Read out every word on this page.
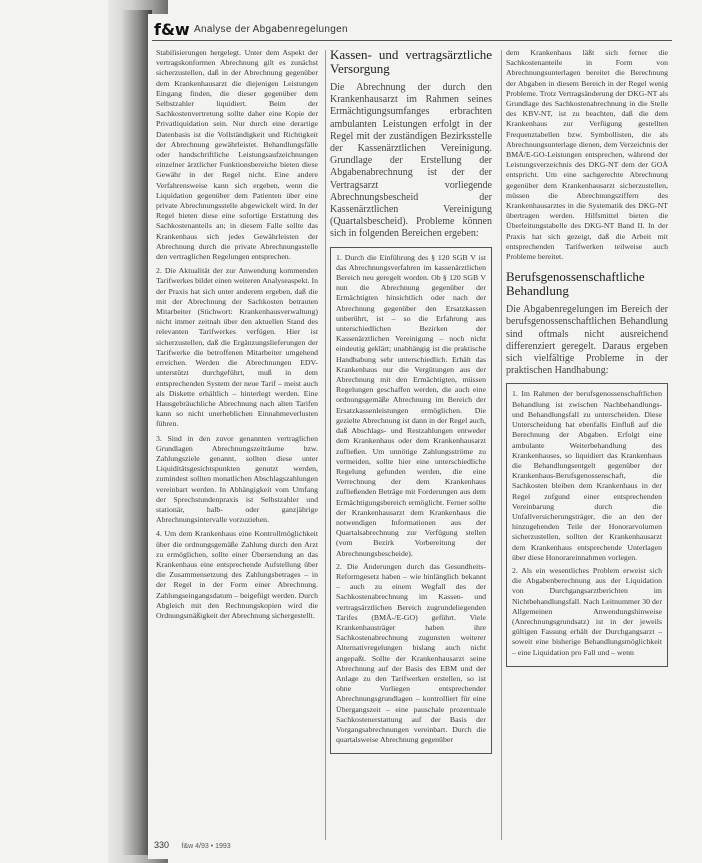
f&w Analyse der Abgabenregelungen

Stabilisierungen hergelegt. Unter dem Aspekt der vertragskonformen Abrechnung gilt es zunächst sicherzustellen, daß in der Abrechnung gegenüber dem Krankenhausarzt die diejenigen Leistungen Eingang finden, die dieser gegenüber dem Selbstzahler liquidiert. Beim der Sachkostenvertretung sollte daher eine Kopie der Privatliquidation sein. Nur durch eine derartige Datenbasis ist die Vollständigkeit und Richtigkeit der Abrechnung gewährleistet. Behandlungsfälle oder handschriftliche Leistungsaufzeichnungen einzelner ärztlicher Funktionsbereiche bieten diese Gewähr in der Regel nicht. Eine andere Verfahrensweise kann sich ergeben, wenn die Liquidation gegenüber dem Patienten über eine private Abrechnungsstelle abgewickelt wird. In der Regel bieten diese eine sofortige Erstattung des Sachkostenanteils an; in diesem Falle sollte das Krankenhaus sich jedes Gewährleisten der Abrechnung durch die private Abrechnungsstelle den vertraglichen Regelungen entsprechen.

2. Die Aktualität der zur Anwendung kommenden Tarifwerkes bildet einen weiteren Analyseaspekt. In der Praxis hat sich unter anderem ergeben, daß die mit der Abrechnung der Sachkosten betrauten Mitarbeiter (Stichwort: Krankenhausverwaltung) nicht immer zeitnah über den aktuellen Stand des relevanten Tarifwerkes verfügen. Hier ist sicherzustellen, daß die Ergänzungslieferungen der Tarifwerke die betroffenen Mitarbeiter umgehend erreichen. Werden die Abrechnungen EDV-unterstützt durchgeführt, muß in dem entsprechenden System der neue Tarif – meist auch als Diskette erhältlich – hinterlegt werden. Eine Hausgebräuchliche Abrechnung nach alten Tarifen kann so nicht unerheblichen Einnahmeverlusten führen.

3. Sind in den zuvor genannten vertraglichen Grundlagen Abrechnungszeiträume bzw. Zahlungsziele genannt, sollten diese unter Liquiditätsgesichtspunkten genutzt werden, zumindest sollten monatlichen Abschlagszahlungen vereinbart werden. In Abhängigkeit vom Umfang der Sprechstundenpraxis ist Selbstzahler und stationär, halb- oder ganzjährige Abrechnungsintervalle vorzuziehen.

4. Um dem Krankenhaus eine Kontrollmöglichkeit über die ordnungsgemäße Zahlung durch den Arzt zu ermöglichen, sollte einer Übersendung an das Krankenhaus eine entsprechende Aufstellung über die Zusammensetzung des Zahlungsbetrages – in der Regel in der Form einer Abrechnung. Zahlungseingangsdatum – beigefügt werden. Durch Abgleich mit den Rechnungskopien wird die Ordnungsmäßigkeit der Abrechnung sichergestellt.

Kassen- und vertragsärztliche Versorgung

Die Abrechnung der durch den Krankenhausarzt im Rahmen seines Ermächtigungsumfanges erbrachten ambulanten Leistungen erfolgt in der Regel mit der zuständigen Bezirksstelle der Kassenärztlichen Vereinigung. Grundlage der Erstellung der Abgabenabrechnung ist der der Vertragsarzt vorliegende Abrechnungsbescheid der Kassenärztlichen Vereinigung (Quartalsbescheid). Probleme können sich in folgenden Bereichen ergeben:

1. Durch die Einführung des § 120 SGB V ist das Abrechnungsverfahren im kassenärztlichen Bereich neu geregelt worden. Ob § 120 SGB V nun die Abrechnung gegenüber der Ermächtigten hinsichtlich oder nach der Abrechnung gegenüber den Ersatzkassen unberührt, ist – so die Erfahrung aus unterschiedlichen Bezirken der Kassenärztlichen Vereinigung – noch nicht eindeutig geklärt; unabhängig ist die praktische Handhabung sehr unterschiedlich. Erhält das Krankenhaus nur die Vergütungen aus der Abrechnung mit den Ermächtigten, müssen Regelungen geschaffen werden, die auch eine ordnungsgemäße Abrechnung im Bereich der Ersatzkassenleistungen ermöglichen. Die gezielte Abrechnung ist dann in der Regel auch, daß Abschlags- und Restzahlungen entweder dem Krankenhaus oder dem Krankenhausarzt zufließen. Um unnötige Zahlungsströme zu vermeiden, sollte hier eine unterschiedliche Regelung gefunden werden, die eine Verrechnung der dem Krankenhaus zufließenden Beträge mit Forderungen aus dem Ermächtigungsbereich ermöglicht. Ferner sollte der Krankenhausarzt dem Krankenhaus die notwendigen Informationen aus der Quartalsabrechnung zur Verfügung stellen (vom Bezirk Vorbereitung der Abrechnungsbescheide).

2. Die Änderungen durch das Gesundheits-Reformgesetz haben – wie hinlänglich bekannt – auch zu einem Wegfall des der Sachkostenabrechnung im Kassen- und vertragsärztlichen Bereich zugrundeliegenden Tarifes (BMÄ-/E-GO) geführt. Viele Krankenhausträger haben ihre Sachkostenabrechnung zugunsten weiterer Alternativregelungen bislang auch nicht angepaßt. Sollte der Krankenhausarzt seine Abrechnung auf der Basis des EBM und der Anlage zu den Tarifwerken erstellen, so ist ohne Vorliegen entsprechender Abrechnungsgrundlagen – kontrolliert für eine Übergangszeit – eine pauschale prozentuale Sachkostenerstattung auf der Basis der Vorgangsabrechnungen vereinbart. Durch die quartalsweise Abrechnung gegenüber

dem Krankenhaus läßt sich ferner die Sachkostenanteile in Form von Abrechnungsunterlagen bereitet die Berechnung der Abgaben in diesem Bereich in der Regel wenig Probleme. Trotz Vertragsänderung der DKG-NT als Grundlage des Sachkostenabrechnung in die Stelle des KBV-NT, ist zu beachten, daß die dem Krankenhaus zur Verfügung gestellten Frequenztabellen bzw. Symbollisten, die als Abrechnungsunterlage dienen, dem Verzeichnis der BMÄ/E-GO-Leistungen entsprechen, während der Leistungsverzeichnis des DKG-NT dem der GOÄ entspricht. Um eine sachgerechte Abrechnung gegenüber dem Krankenhausarzt sicherzustellen, müssen die Abrechnungsziffern des Krankenhausarztes in die Systematik des DKG-NT übertragen werden. Hilfsmittel bieten die Überleitungstabelle des DKG-NT Band II. In der Praxis hat sich gezeigt, daß die Arbeit mit entsprechenden Tarifwerken teilweise auch Probleme bereitet.

Berufsgenossenschaftliche Behandlung

Die Abgabenregelungen im Bereich der berufsgenossenschaftlichen Behandlung sind oftmals nicht ausreichend differenziert geregelt. Daraus ergeben sich vielfältige Probleme in der praktischen Handhabung:

1. Im Rahmen der berufsgenossenschaftlichen Behandlung ist zwischen Nachbehandlungs- und Behandlungsfall zu unterscheiden. Diese Unterscheidung hat ebenfalls Einfluß auf die Berechnung der Abgaben. Erfolgt eine ambulante Weiterbehandlung des Krankenhauses, so liquidiert das Krankenhaus die Behandlungsentgelt gegenüber der Krankenhaus-Berufsgenossenschaft, die Sachkosten bleiben dem Krankenhaus in der Regel zufgund einer entsprechenden Vereinbarung durch die Unfallversicherungsträger, die an den der hinzugehenden Teile der Honorarvolumen sicherzustellen, sollten der Krankenhausarzt dem Krankenhaus entsprechende Unterlagen über diese Honorareinnahmen vorlegen.

2. Als ein wesentliches Problem erweist sich die Abgabenberechnung aus der Liquidation von Durchgangsarztberichten im Nichtbehandlungsfall. Nach Leitnummer 30 der Allgemeinen Anwendungshinweise (Anrechnungsgrundsatz) ist in der jeweils gültigen Fassung erhält der Durchgangsarzt – soweit eine bisherige Behandlungsmöglichkeit – eine Liquidation pro Fall und – wenn

330 f&w 4/93 • 1993
